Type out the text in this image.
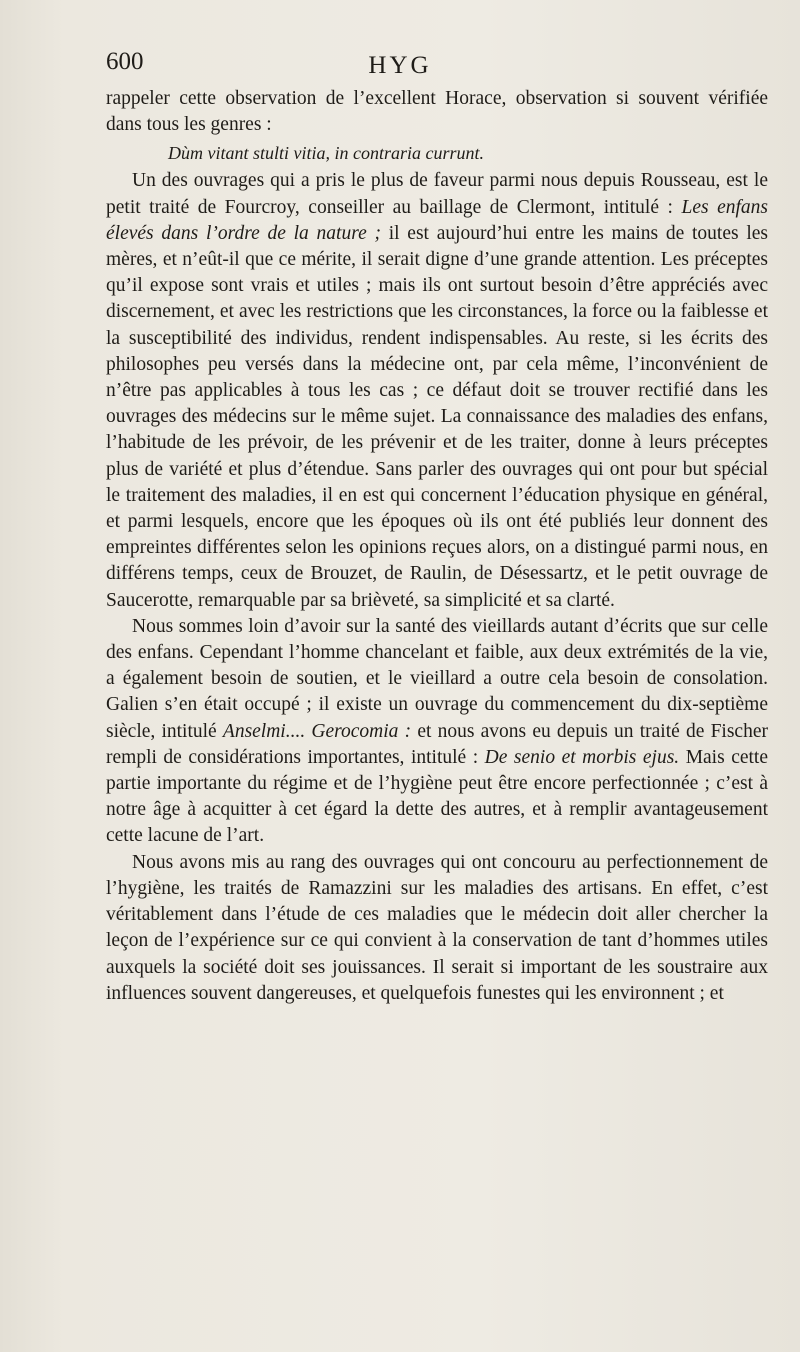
600	HYG

rappeler cette observation de l’excellent Horace, observation si souvent vérifiée dans tous les genres :

Dùm vitant stulti vitia, in contraria currunt.

Un des ouvrages qui a pris le plus de faveur parmi nous depuis Rousseau, est le petit traité de Fourcroy, conseiller au baillage de Clermont, intitulé : Les enfans élevés dans l’ordre de la nature ; il est aujourd’hui entre les mains de toutes les mères, et n’eût-il que ce mérite, il serait digne d’une grande attention. Les préceptes qu’il expose sont vrais et utiles ; mais ils ont surtout besoin d’être appréciés avec discernement, et avec les restrictions que les circonstances, la force ou la faiblesse et la susceptibilité des individus, rendent indispensables. Au reste, si les écrits des philosophes peu versés dans la médecine ont, par cela même, l’inconvénient de n’être pas applicables à tous les cas ; ce défaut doit se trouver rectifié dans les ouvrages des médecins sur le même sujet. La connaissance des maladies des enfans, l’habitude de les prévoir, de les prévenir et de les traiter, donne à leurs préceptes plus de variété et plus d’étendue. Sans parler des ouvrages qui ont pour but spécial le traitement des maladies, il en est qui concernent l’éducation physique en général, et parmi lesquels, encore que les époques où ils ont été publiés leur donnent des empreintes différentes selon les opinions reçues alors, on a distingué parmi nous, en différens temps, ceux de Brouzet, de Raulin, de Désessartz, et le petit ouvrage de Saucerotte, remarquable par sa brièveté, sa simplicité et sa clarté.

Nous sommes loin d’avoir sur la santé des vieillards autant d’écrits que sur celle des enfans. Cependant l’homme chancelant et faible, aux deux extrémités de la vie, a également besoin de soutien, et le vieillard a outre cela besoin de consolation. Galien s’en était occupé ; il existe un ouvrage du commencement du dix-septième siècle, intitulé Anselmi.... Gerocomia : et nous avons eu depuis un traité de Fischer rempli de considérations importantes, intitulé : De senio et morbis ejus. Mais cette partie importante du régime et de l’hygiène peut être encore perfectionnée ; c’est à notre âge à acquitter à cet égard la dette des autres, et à remplir avantageusement cette lacune de l’art.

Nous avons mis au rang des ouvrages qui ont concouru au perfectionnement de l’hygiène, les traités de Ramazzini sur les maladies des artisans. En effet, c’est véritablement dans l’étude de ces maladies que le médecin doit aller chercher la leçon de l’expérience sur ce qui convient à la conservation de tant d’hommes utiles auxquels la société doit ses jouissances. Il serait si important de les soustraire aux influences souvent dangereuses, et quelquefois funestes qui les environnent ; et
